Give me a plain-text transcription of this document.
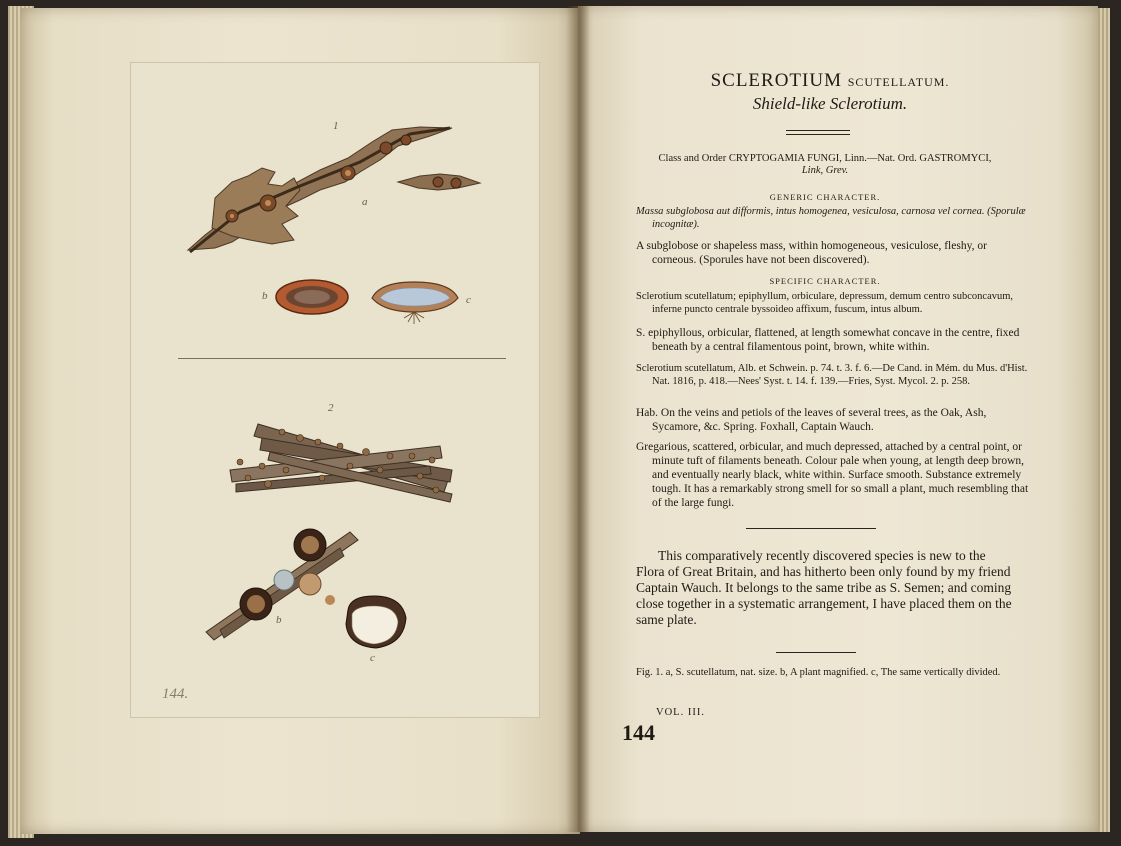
1
a
b	c
2
a
b
c
144.
SCLEROTIUM SCUTELLATUM.
Shield-like Sclerotium.
Class and Order CRYPTOGAMIA FUNGI, Linn.—Nat. Ord. GASTROMYCI,
Link, Grev.
GENERIC CHARACTER.
Massa subglobosa aut difformis, intus homogenea, vesiculosa, carnosa vel cornea. (Sporulæ incognitæ).
A subglobose or shapeless mass, within homogeneous, vesiculose, fleshy, or corneous. (Sporules have not been discovered).
SPECIFIC CHARACTER.
Sclerotium scutellatum; epiphyllum, orbiculare, depressum, demum centro subconcavum, inferne puncto centrale byssoideo affixum, fuscum, intus album.
S. epiphyllous, orbicular, flattened, at length somewhat concave in the centre, fixed beneath by a central filamentous point, brown, white within.
Sclerotium scutellatum, Alb. et Schwein. p. 74. t. 3. f. 6.—De Cand. in Mém. du Mus. d'Hist. Nat. 1816, p. 418.—Nees' Syst. t. 14. f. 139.—Fries, Syst. Mycol. 2. p. 258.
Hab. On the veins and petiols of the leaves of several trees, as the Oak, Ash, Sycamore, &c. Spring. Foxhall, Captain Wauch.
Gregarious, scattered, orbicular, and much depressed, attached by a central point, or minute tuft of filaments beneath. Colour pale when young, at length deep brown, and eventually nearly black, white within. Surface smooth. Substance extremely tough. It has a remarkably strong smell for so small a plant, much resembling that of the large fungi.
This comparatively recently discovered species is new to the Flora of Great Britain, and has hitherto been only found by my friend Captain Wauch. It belongs to the same tribe as S. Semen; and coming close together in a systematic arrangement, I have placed them on the same plate.
Fig. 1. a, S. scutellatum, nat. size. b, A plant magnified. c, The same vertically divided.
VOL. III.
144
